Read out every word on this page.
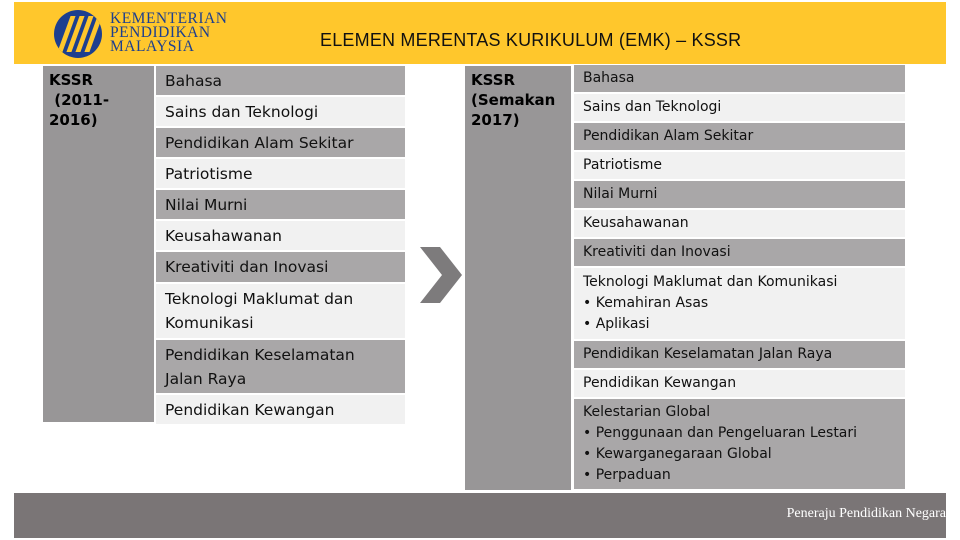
KEMENTERIAN
PENDIDIKAN
MALAYSIA	ELEMEN MERENTAS KURIKULUM (EMK) – KSSR
KSSR
(2011-
2016)
Bahasa
Sains dan Teknologi
Pendidikan Alam Sekitar
Patriotisme
Nilai Murni
Keusahawanan
Kreativiti dan Inovasi
Teknologi Maklumat dan
Komunikasi
Pendidikan Keselamatan
Jalan Raya
Pendidikan Kewangan
KSSR
(Semakan
2017)
Bahasa
Sains dan Teknologi
Pendidikan Alam Sekitar
Patriotisme
Nilai Murni
Keusahawanan
Kreativiti dan Inovasi
Teknologi Maklumat dan Komunikasi
• Kemahiran Asas
• Aplikasi
Pendidikan Keselamatan Jalan Raya
Pendidikan Kewangan
Kelestarian Global
• Penggunaan dan Pengeluaran Lestari
• Kewarganegaraan Global
• Perpaduan
Peneraju Pendidikan Negara
